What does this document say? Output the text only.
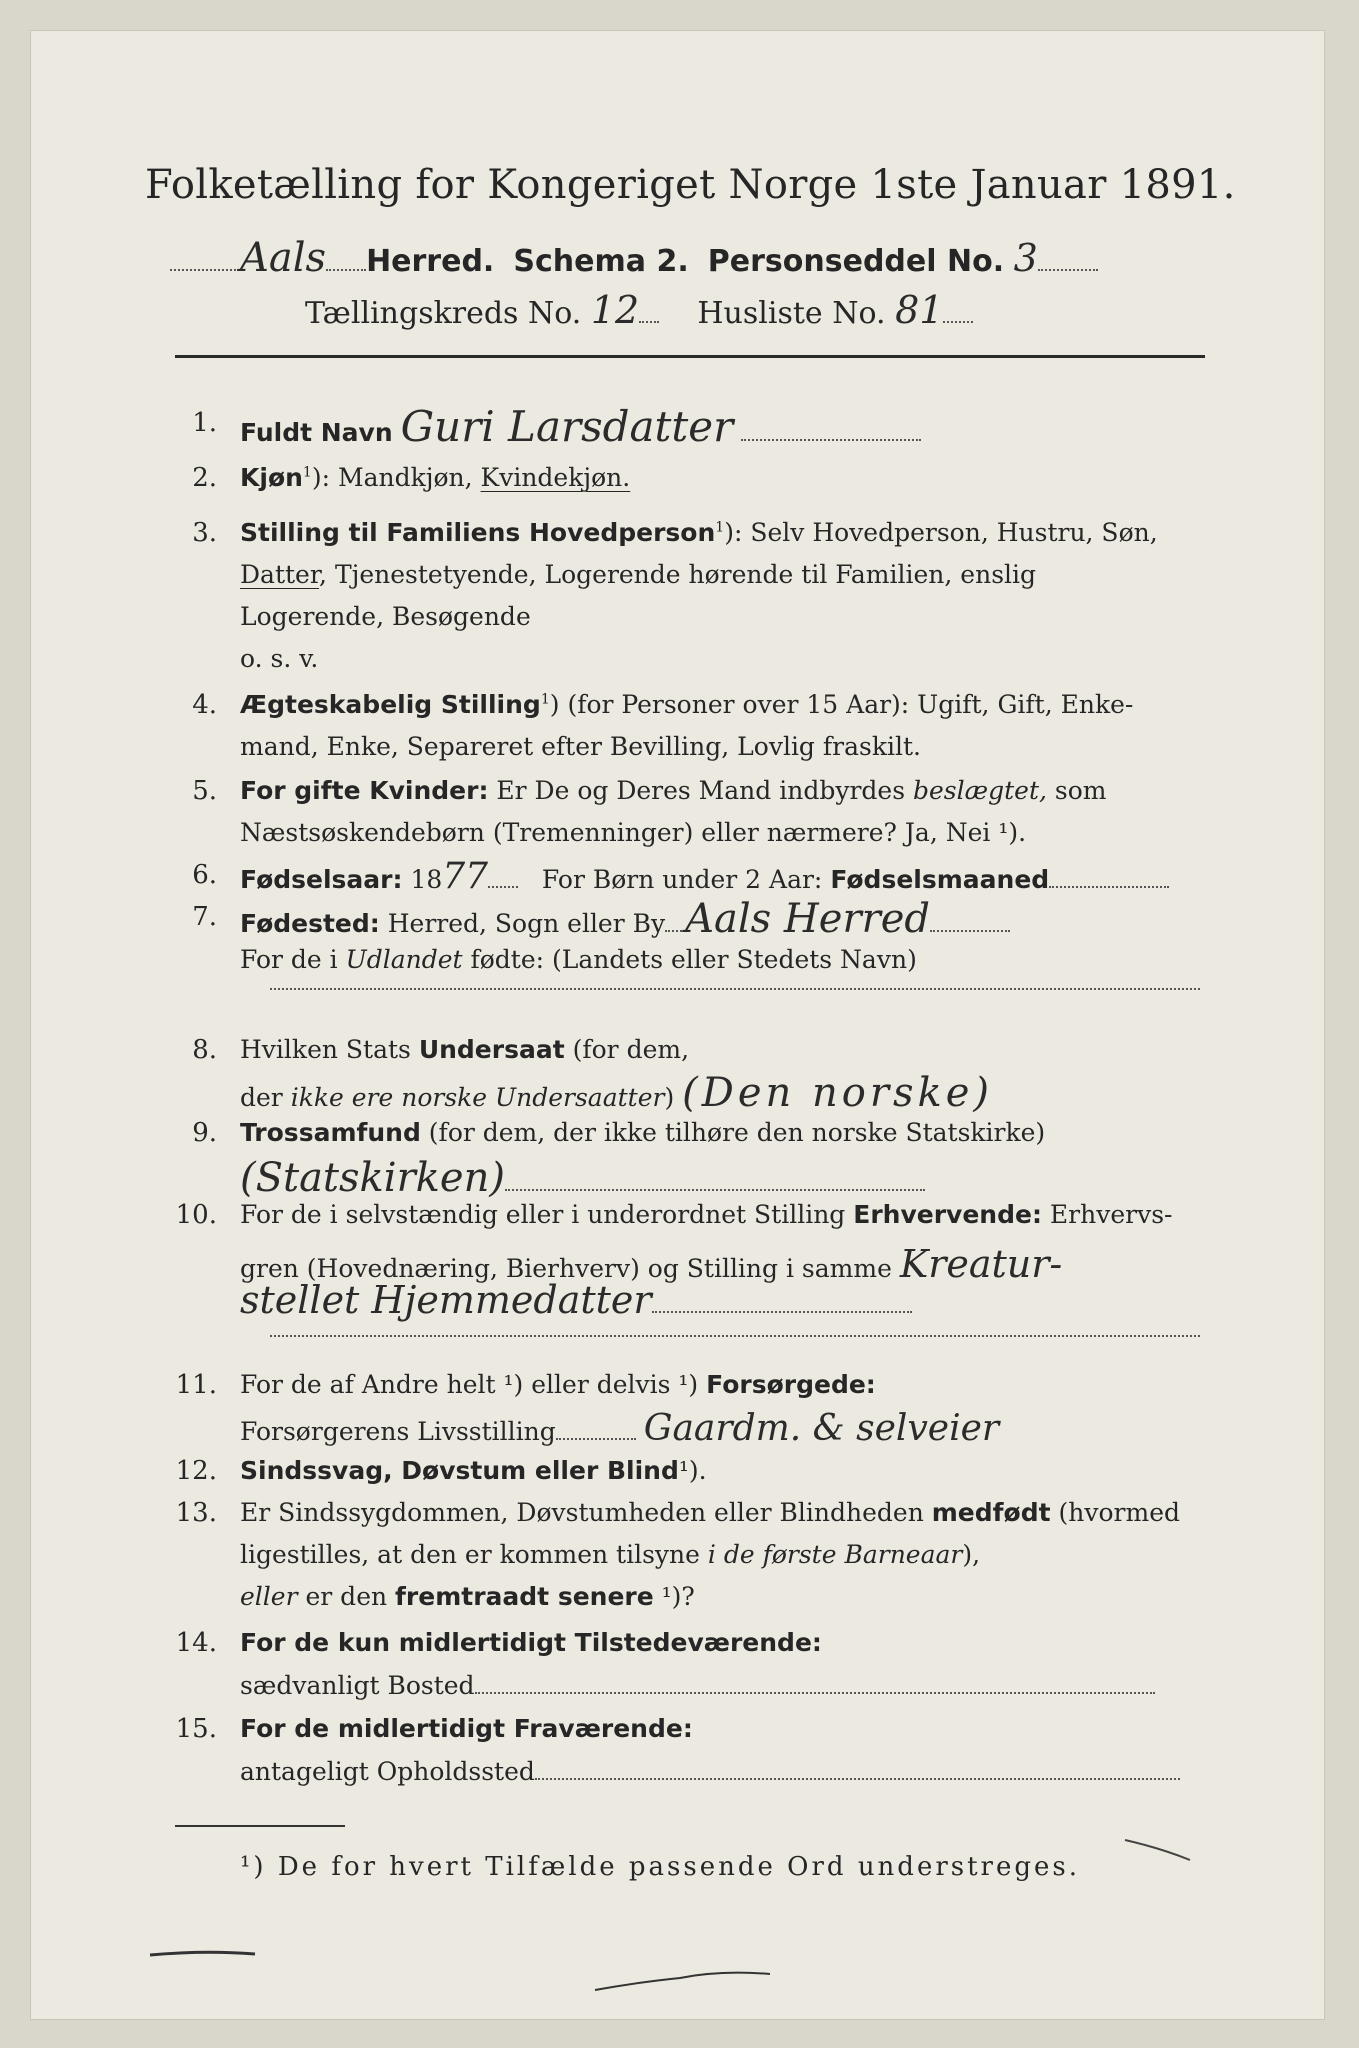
Folketælling for Kongeriget Norge 1ste Januar 1891.
Aals Herred. Schema 2. Personseddel No. 3
Tællingskreds No. 12 Husliste No. 81
1. Fuldt Navn Guri Larsdatter
2. Kjøn$^1$): Mandkjøn, Kvindekjøn.
3. Stilling til Familiens Hovedperson$^1$): Selv Hovedperson, Hustru, Søn,
Datter, Tjenestetyende, Logerende hørende til Familien, enslig
Logerende, Besøgende
o. s. v.
4. Ægteskabelig Stilling$^1$) (for Personer over 15 Aar): Ugift, Gift, Enke-
mand, Enke, Separeret efter Bevilling, Lovlig fraskilt.
5. For gifte Kvinder: Er De og Deres Mand indbyrdes beslægtet, som
Næstsøskendebørn (Tremenninger) eller nærmere? Ja, Nei ¹).
6. Fødselsaar: 1877 For Børn under 2 Aar: Fødselsmaaned
7. Fødested: Herred, Sogn eller By Aals Herred
For de i Udlandet fødte: (Landets eller Stedets Navn)
8. Hvilken Stats Undersaat (for dem,
der ikke ere norske Undersaatter) (Den norske)
9. Trossamfund (for dem, der ikke tilhøre den norske Statskirke)
(Statskirken)
10. For de i selvstændig eller i underordnet Stilling Erhvervende: Erhvervs-
gren (Hovednæring, Bierhverv) og Stilling i samme Kreatur-
stellet Hjemmedatter
11. For de af Andre helt ¹) eller delvis ¹) Forsørgede:
Forsørgerens Livsstilling Gaardm. & selveier
12. Sindssvag, Døvstum eller Blind¹).
13. Er Sindssygdommen, Døvstumheden eller Blindheden medfødt (hvormed
ligestilles, at den er kommen tilsyne i de første Barneaar),
eller er den fremtraadt senere ¹)?
14. For de kun midlertidigt Tilstedeværende:
sædvanligt Bosted
15. For de midlertidigt Fraværende:
antageligt Opholdssted
¹) De for hvert Tilfælde passende Ord understreges.
